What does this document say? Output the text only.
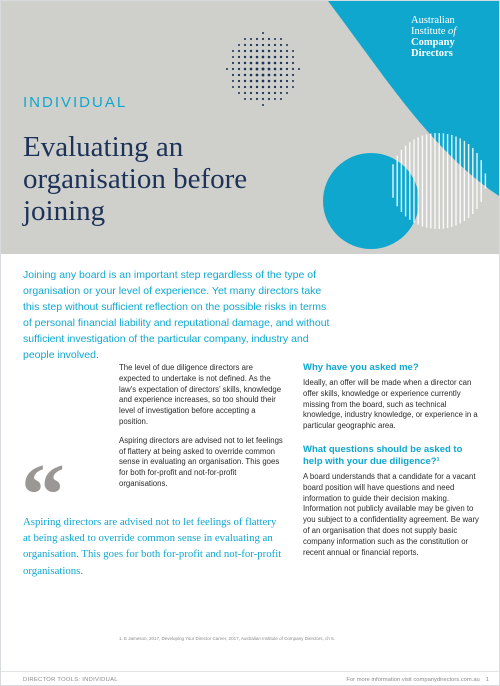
Australian
Institute of
Company
Directors
INDIVIDUAL
Evaluating an organisation before joining
Joining any board is an important step regardless of the type of organisation or your level of experience. Yet many directors take this step without sufficient reflection on the possible risks in terms of personal financial liability and reputational damage, and without sufficient investigation of the particular company, industry and people involved.

The level of due diligence directors are expected to undertake is not defined. As the law’s expectation of directors’ skills, knowledge and experience increases, so too should their level of investigation before accepting a position.

Aspiring directors are advised not to let feelings of flattery at being asked to override common sense in evaluating an organisation. This goes for both for-profit and not-for-profit organisations.

“
Aspiring directors are advised not to let feelings of flattery at being asked to override common sense in evaluating an organisation. This goes for both for-profit and not-for-profit organisations.
Why have you asked me?

Ideally, an offer will be made when a director can offer skills, knowledge or experience currently missing from the board, such as technical knowledge, industry knowledge, or experience in a particular geographic area.

What questions should be asked to help with your due diligence?¹

A board understands that a candidate for a vacant board position will have questions and need information to guide their decision making. Information not publicly available may be given to you subject to a confidentiality agreement. Be wary of an organisation that does not supply basic company information such as the constitution or recent annual or financial reports.

1. E Jameson, 2017, Developing Your Director Career, 2017, Australian Institute of Company Directors, ch 6.
DIRECTOR TOOLS: INDIVIDUAL	For more information visit companydirectors.com.au 1
